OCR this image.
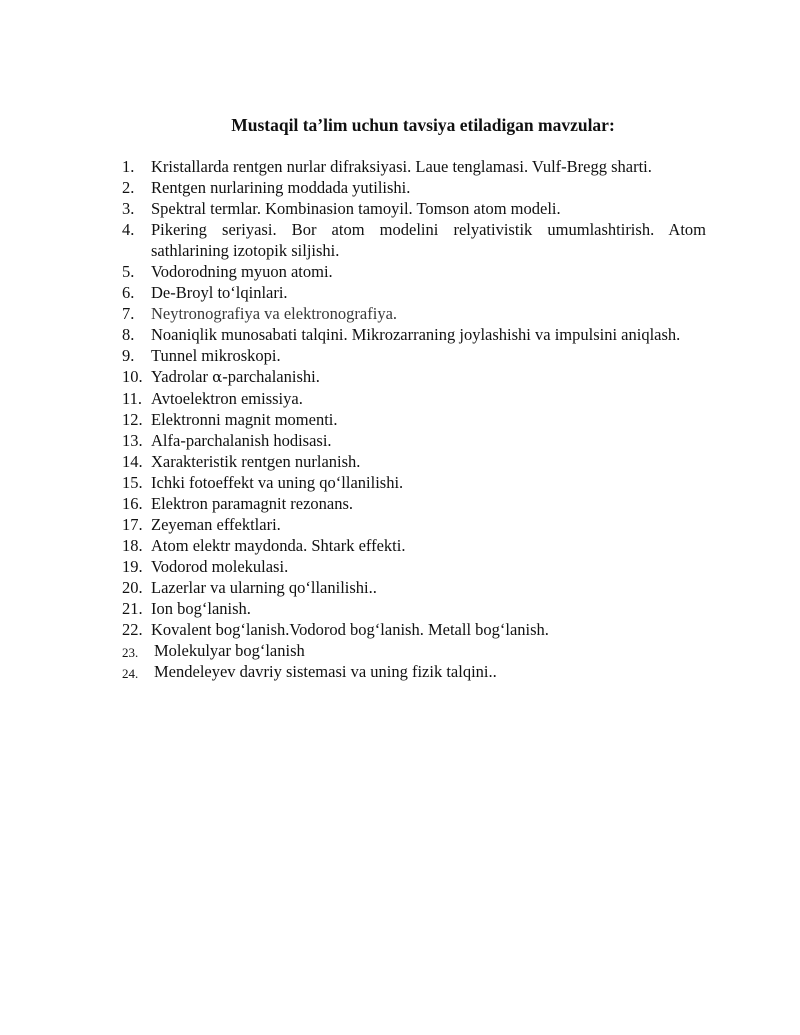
Mustaqil ta’lim uchun tavsiya etiladigan mavzular:
1. Kristallarda rentgen nurlar difraksiyasi. Laue tenglamasi. Vulf-Bregg sharti.
2. Rentgen nurlarining moddada yutilishi.
3. Spektral termlar. Kombinasion tamoyil. Tomson atom modeli.
4. Pikering seriyasi. Bor atom modelini relyativistik umumlashtirish. Atom sathlarining izotopik siljishi.
5. Vodorodning myuon atomi.
6. De-Broyl to‘lqinlari.
7. Neytronografiya va elektronografiya.
8. Noaniqlik munosabati talqini. Mikrozarraning joylashishi va impulsini aniqlash.
9. Tunnel mikroskopi.
10. Yadrolar α-parchalanishi.
11. Avtoelektron emissiya.
12. Elektronni magnit momenti.
13. Alfa-parchalanish hodisasi.
14. Xarakteristik rentgen nurlanish.
15. Ichki fotoeffekt va uning qo‘llanilishi.
16. Elektron paramagnit rezonans.
17. Zeyeman effektlari.
18. Atom elektr maydonda. Shtark effekti.
19. Vodorod molekulasi.
20. Lazerlar va ularning qo‘llanilishi..
21. Ion bog‘lanish.
22. Kovalent bog‘lanish.Vodorod bog‘lanish. Metall bog‘lanish.
23. Molekulyar bog‘lanish
24. Mendeleyev davriy sistemasi va uning fizik talqini..
